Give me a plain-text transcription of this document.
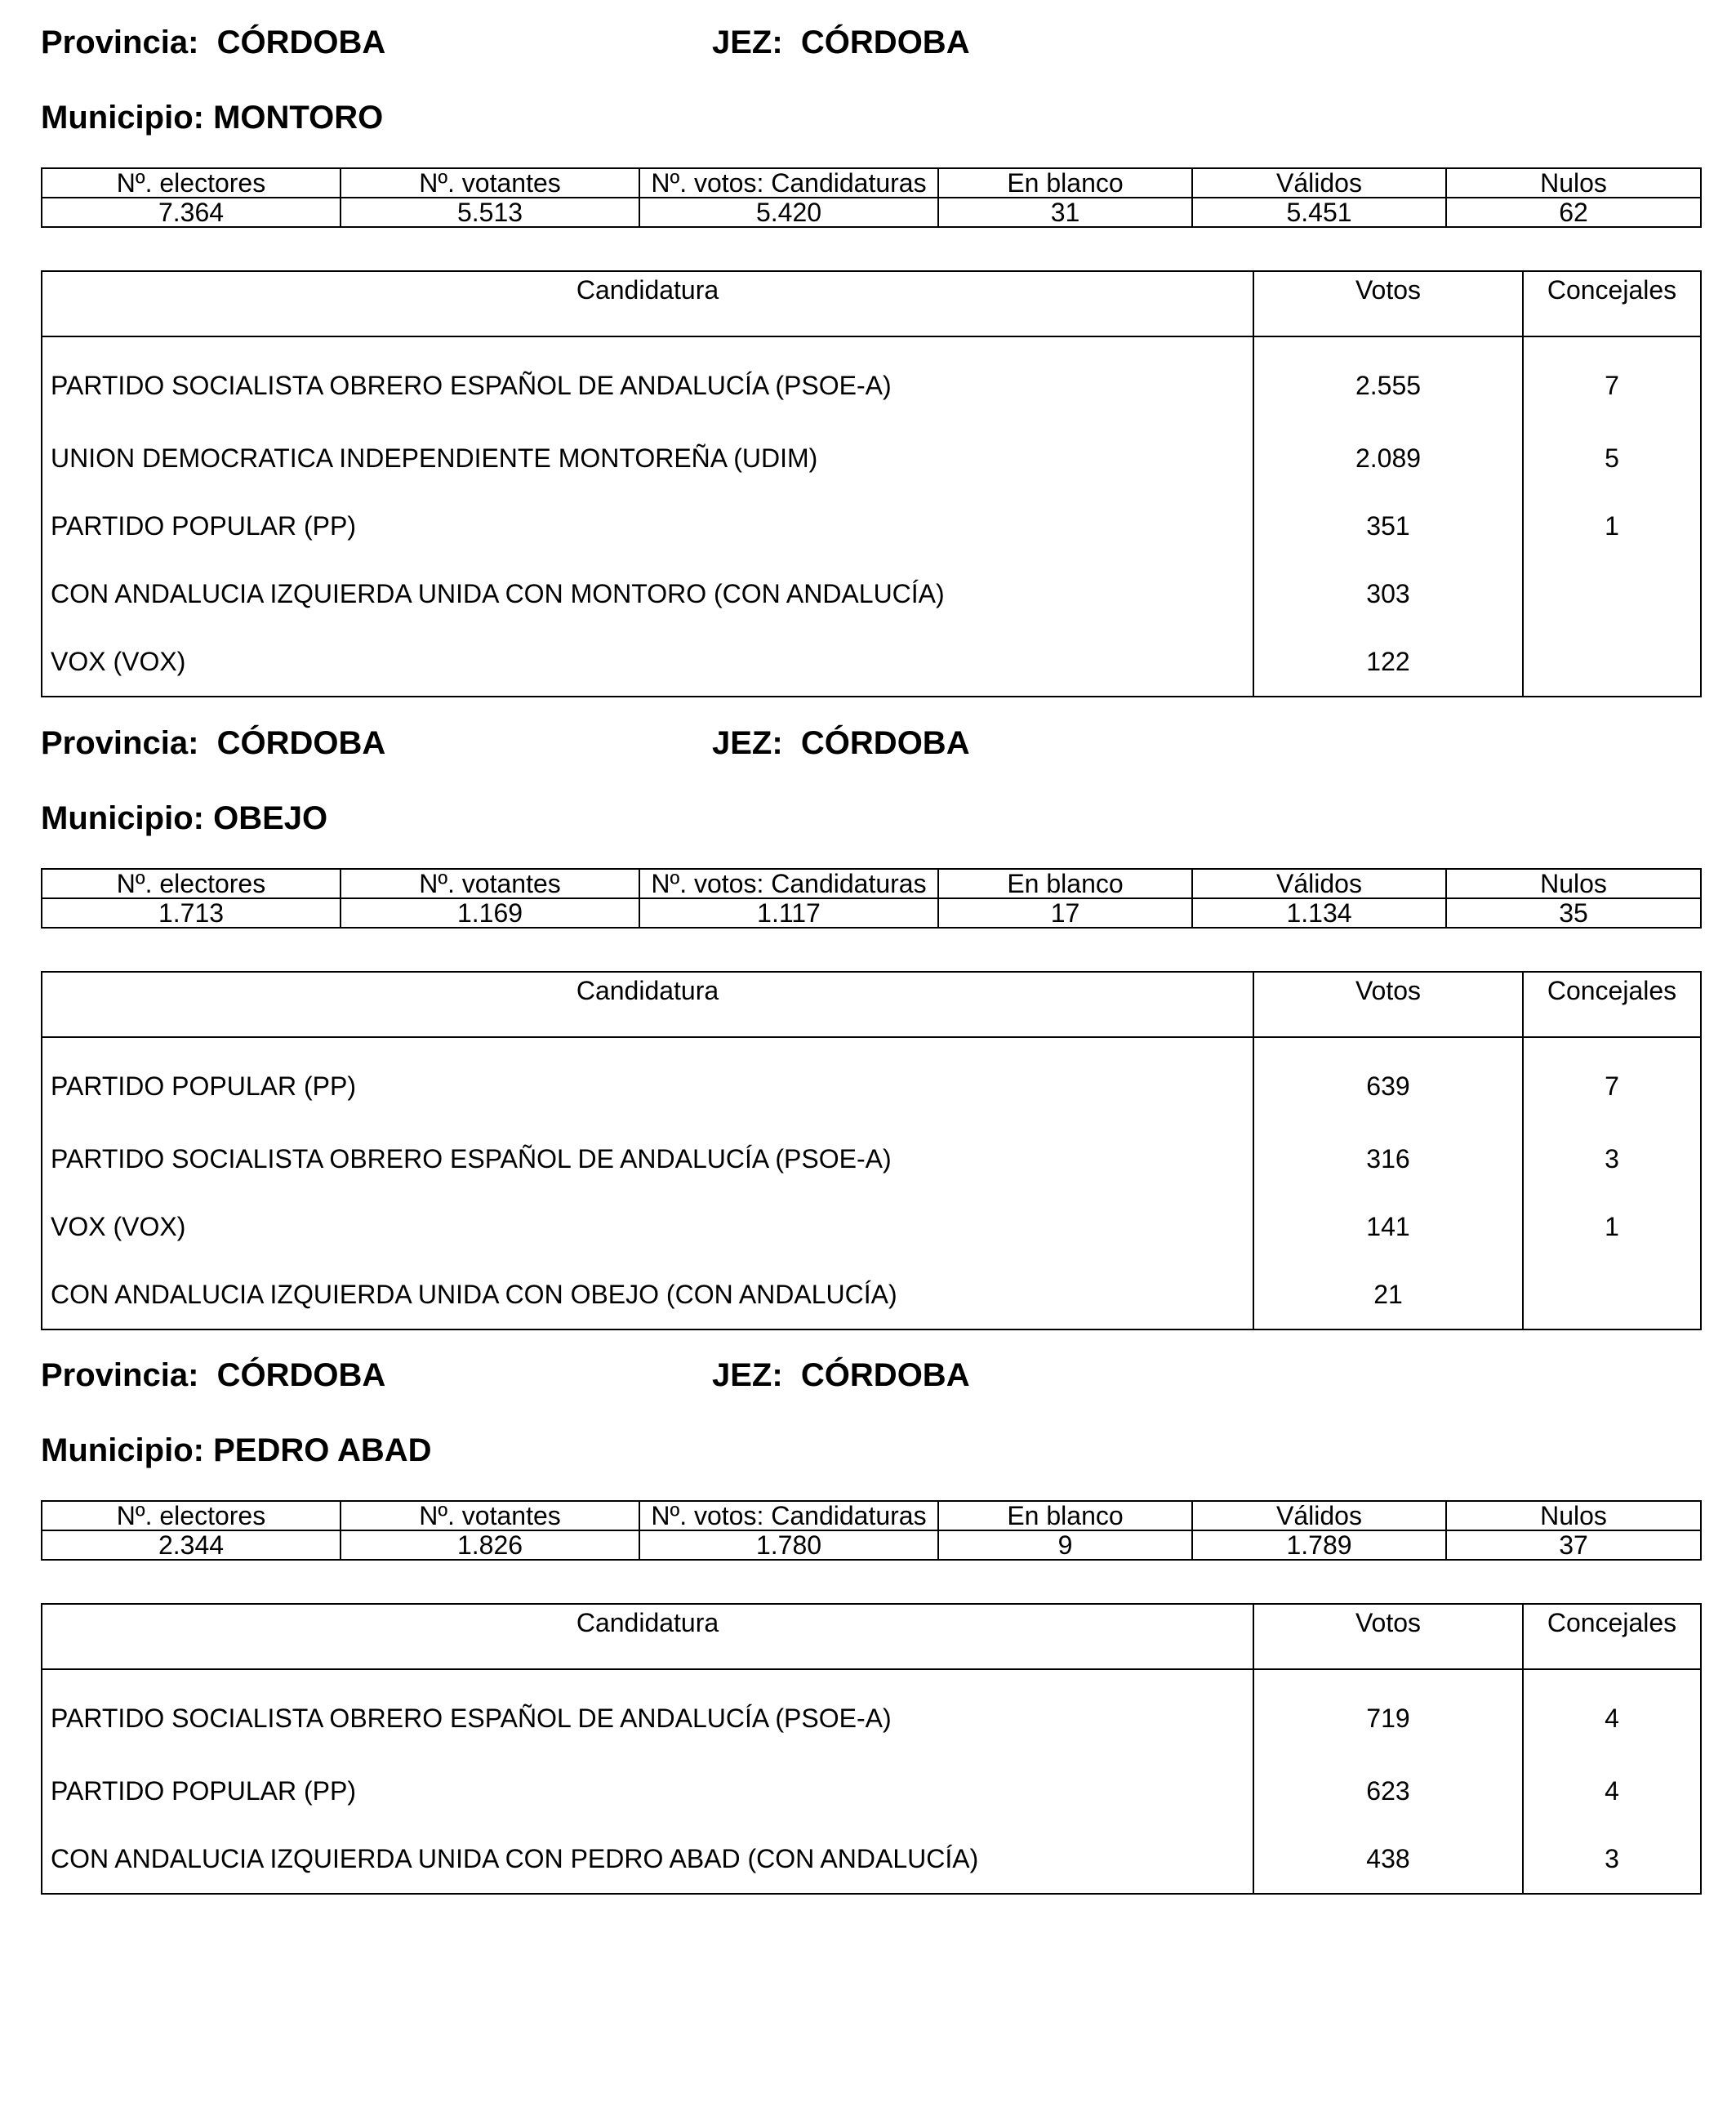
Provincia: CÓRDOBA	JEZ: CÓRDOBA
Municipio: MONTORO
Nº. electores	Nº. votantes	Nº. votos: Candidaturas	En blanco	Válidos	Nulos
7.364	5.513	5.420	31	5.451	62
Candidatura	Votos	Concejales
PARTIDO SOCIALISTA OBRERO ESPAÑOL DE ANDALUCÍA (PSOE-A)	2.555	7
UNION DEMOCRATICA INDEPENDIENTE MONTOREÑA (UDIM)	2.089	5
PARTIDO POPULAR (PP)	351	1
CON ANDALUCIA IZQUIERDA UNIDA CON MONTORO (CON ANDALUCÍA)	303	
VOX (VOX)	122	
Provincia: CÓRDOBA	JEZ: CÓRDOBA
Municipio: OBEJO
Nº. electores	Nº. votantes	Nº. votos: Candidaturas	En blanco	Válidos	Nulos
1.713	1.169	1.117	17	1.134	35
Candidatura	Votos	Concejales
PARTIDO POPULAR (PP)	639	7
PARTIDO SOCIALISTA OBRERO ESPAÑOL DE ANDALUCÍA (PSOE-A)	316	3
VOX (VOX)	141	1
CON ANDALUCIA IZQUIERDA UNIDA CON OBEJO (CON ANDALUCÍA)	21	
Provincia: CÓRDOBA	JEZ: CÓRDOBA
Municipio: PEDRO ABAD
Nº. electores	Nº. votantes	Nº. votos: Candidaturas	En blanco	Válidos	Nulos
2.344	1.826	1.780	9	1.789	37
Candidatura	Votos	Concejales
PARTIDO SOCIALISTA OBRERO ESPAÑOL DE ANDALUCÍA (PSOE-A)	719	4
PARTIDO POPULAR (PP)	623	4
CON ANDALUCIA IZQUIERDA UNIDA CON PEDRO ABAD (CON ANDALUCÍA)	438	3
